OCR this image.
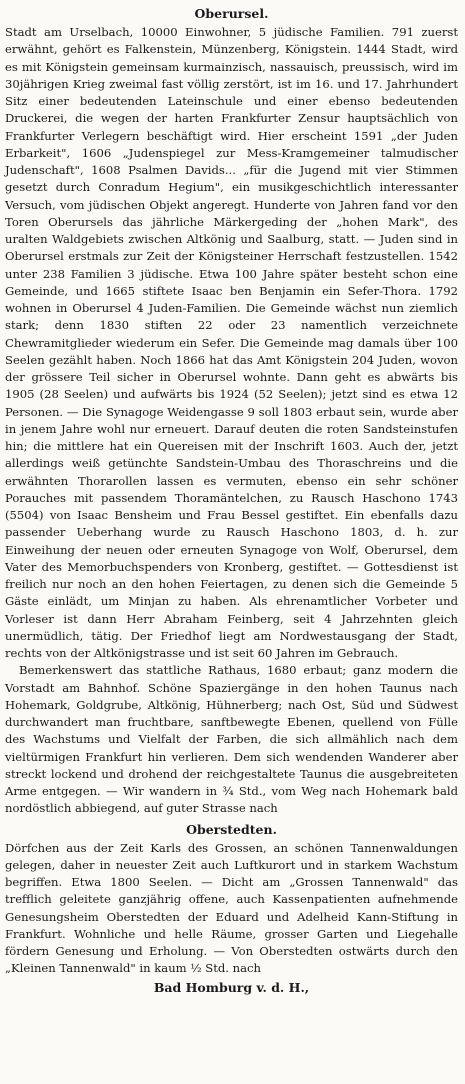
Oberursel.

Stadt am Urselbach, 10000 Einwohner, 5 jüdische Familien. 791 zuerst erwähnt, gehört es Falkenstein, Münzenberg, Königstein. 1444 Stadt, wird es mit Königstein gemeinsam kurmainzisch, nassauisch, preussisch, wird im 30jährigen Krieg zweimal fast völlig zerstört, ist im 16. und 17. Jahrhundert Sitz einer bedeutenden Lateinschule und einer ebenso bedeutenden Druckerei, die wegen der harten Frankfurter Zensur hauptsächlich von Frankfurter Verlegern beschäftigt wird. Hier erscheint 1591 „der Juden Erbarkeit", 1606 „Judenspiegel zur Mess-Kramgemeiner talmudischer Judenschaft", 1608 Psalmen Davids... „für die Jugend mit vier Stimmen gesetzt durch Conradum Hegium", ein musikgeschichtlich interessanter Versuch, vom jüdischen Objekt angeregt. Hunderte von Jahren fand vor den Toren Oberursels das jährliche Märkergeding der „hohen Mark", des uralten Waldgebiets zwischen Altkönig und Saalburg, statt. — Juden sind in Oberursel erstmals zur Zeit der Königsteiner Herrschaft festzustellen. 1542 unter 238 Familien 3 jüdische. Etwa 100 Jahre später besteht schon eine Gemeinde, und 1665 stiftete Isaac ben Benjamin ein Sefer-Thora. 1792 wohnen in Oberursel 4 Juden-Familien. Die Gemeinde wächst nun ziemlich stark; denn 1830 stiften 22 oder 23 namentlich verzeichnete Chewramitglieder wiederum ein Sefer. Die Gemeinde mag damals über 100 Seelen gezählt haben. Noch 1866 hat das Amt Königstein 204 Juden, wovon der grössere Teil sicher in Oberursel wohnte. Dann geht es abwärts bis 1905 (28 Seelen) und aufwärts bis 1924 (52 Seelen); jetzt sind es etwa 12 Personen. — Die Synagoge Weidengasse 9 soll 1803 erbaut sein, wurde aber in jenem Jahre wohl nur erneuert. Darauf deuten die roten Sandsteinstufen hin; die mittlere hat ein Quereisen mit der Inschrift 1603. Auch der, jetzt allerdings weiß getünchte Sandstein-Umbau des Thoraschreins und die erwähnten Thorarollen lassen es vermuten, ebenso ein sehr schöner Porauches mit passendem Thoramäntelchen, zu Rausch Haschono 1743 (5504) von Isaac Bensheim und Frau Bessel gestiftet. Ein ebenfalls dazu passender Ueberhang wurde zu Rausch Haschono 1803, d. h. zur Einweihung der neuen oder erneuten Synagoge von Wolf, Oberursel, dem Vater des Memorbuchspenders von Kronberg, gestiftet. — Gottesdienst ist freilich nur noch an den hohen Feiertagen, zu denen sich die Gemeinde 5 Gäste einlädt, um Minjan zu haben. Als ehrenamtlicher Vorbeter und Vorleser ist dann Herr Abraham Feinberg, seit 4 Jahrzehnten gleich unermüdlich, tätig. Der Friedhof liegt am Nordwestausgang der Stadt, rechts von der Altkönigstrasse und ist seit 60 Jahren im Gebrauch.

Bemerkenswert das stattliche Rathaus, 1680 erbaut; ganz modern die Vorstadt am Bahnhof. Schöne Spaziergänge in den hohen Taunus nach Hohemark, Goldgrube, Altkönig, Hühnerberg; nach Ost, Süd und Südwest durchwandert man fruchtbare, sanftbewegte Ebenen, quellend von Fülle des Wachstums und Vielfalt der Farben, die sich allmählich nach dem vieltürmigen Frankfurt hin verlieren. Dem sich wendenden Wanderer aber streckt lockend und drohend der reichgestaltete Taunus die ausgebreiteten Arme entgegen. — Wir wandern in ¾ Std., vom Weg nach Hohemark bald nordöstlich abbiegend, auf guter Strasse nach

Oberstedten.

Dörfchen aus der Zeit Karls des Grossen, an schönen Tannenwaldungen gelegen, daher in neuester Zeit auch Luftkurort und in starkem Wachstum begriffen. Etwa 1800 Seelen. — Dicht am „Grossen Tannenwald" das trefflich geleitete ganzjährig offene, auch Kassenpatienten aufnehmende Genesungsheim Oberstedten der Eduard und Adelheid Kann-Stiftung in Frankfurt. Wohnliche und helle Räume, grosser Garten und Liegehalle fördern Genesung und Erholung. — Von Oberstedten ostwärts durch den „Kleinen Tannenwald" in kaum ½ Std. nach

Bad Homburg v. d. H.,
